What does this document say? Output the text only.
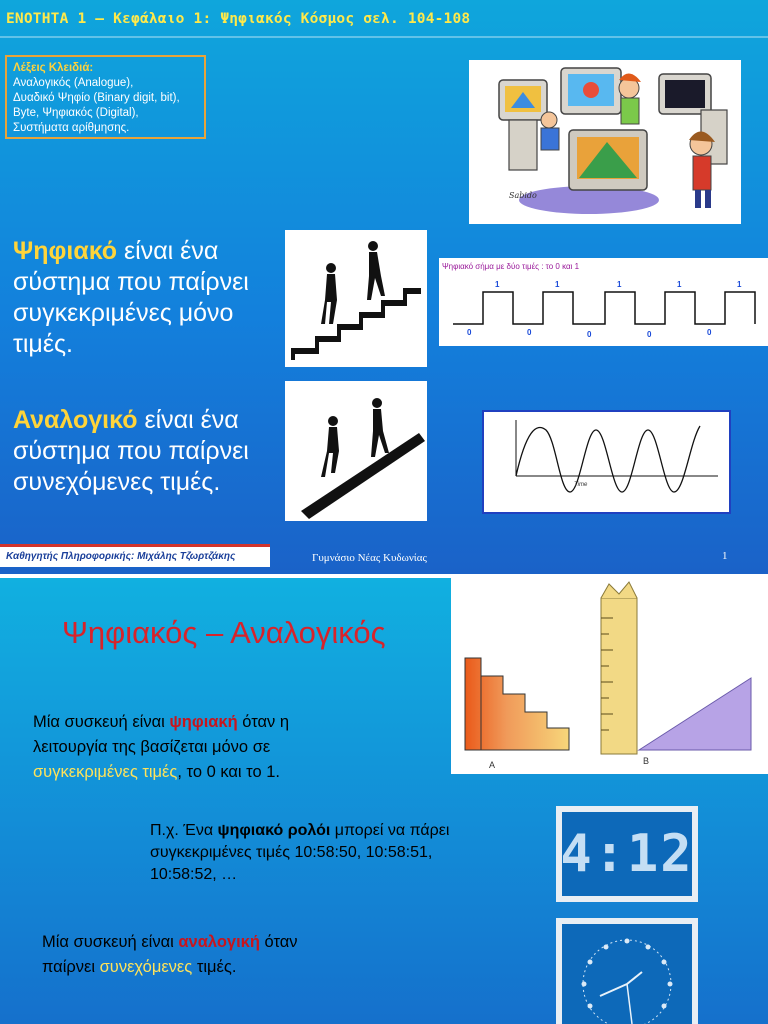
ΕΝΟΤΗΤΑ 1 – Κεφάλαιο 1: Ψηφιακός Κόσμος σελ. 104-108
Λέξεις Κλειδιά:
Αναλογικός (Analogue),
Δυαδικό Ψηφίο (Binary digit, bit),
Byte, Ψηφιακός (Digital),
Συστήματα αρίθμησης.
Sabido
Ψηφιακό είναι ένα
σύστημα που παίρνει
συγκεκριμένες μόνο
τιμές.
Ψηφιακό σήμα με δύο τιμές : το 0 και 1
1	1	1	1	1
0	0	0	0	0
Αναλογικό είναι ένα
σύστημα που παίρνει
συνεχόμενες τιμές.	Time
Καθηγητής Πληροφορικής: Μιχάλης Τζωρτζάκης	Γυμνάσιο Νέας Κυδωνίας	1
Ψηφιακός – Αναλογικός
A	B
Μία συσκευή είναι ψηφιακή όταν η
λειτουργία της βασίζεται μόνο σε
συγκεκριμένες τιμές, το 0 και το 1.
Π.χ. Ένα ψηφιακό ρολόι μπορεί να πάρει
συγκεκριμένες τιμές 10:58:50, 10:58:51,
10:58:52, …	4:12
Μία συσκευή είναι αναλογική όταν
παίρνει συνεχόμενες τιμές.
